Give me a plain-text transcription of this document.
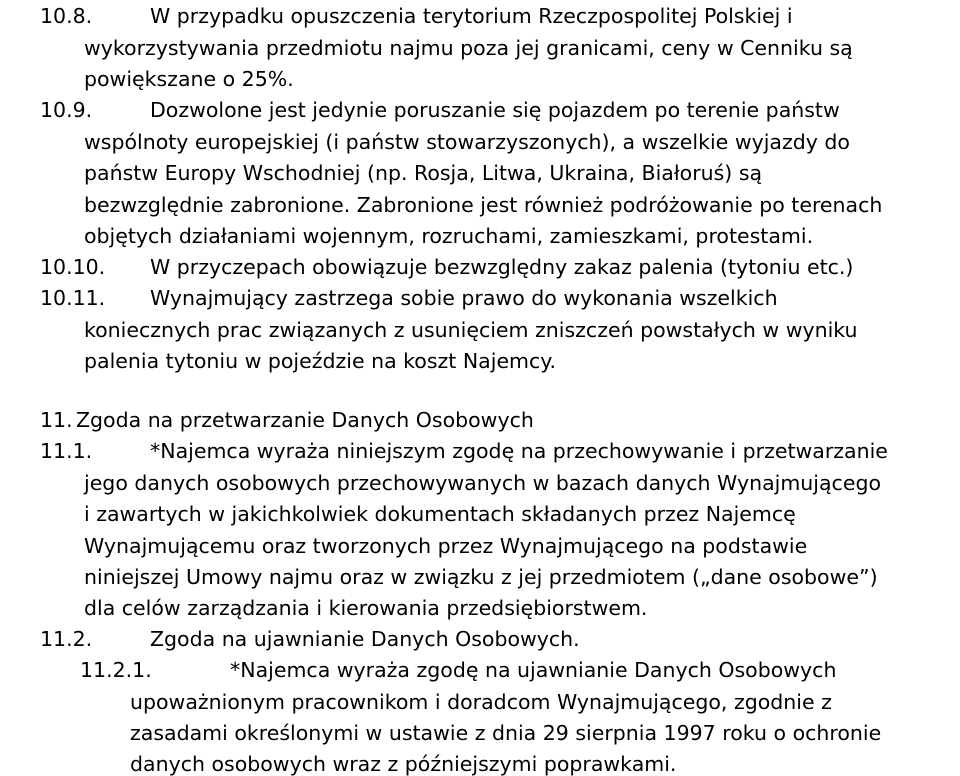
10.8.	W przypadku opuszczenia terytorium Rzeczpospolitej Polskiej i
wykorzystywania przedmiotu najmu poza jej granicami, ceny w Cenniku są
powiększane o 25%.
10.9.	Dozwolone jest jedynie poruszanie się pojazdem po terenie państw
wspólnoty europejskiej (i państw stowarzyszonych), a wszelkie wyjazdy do
państw Europy Wschodniej (np. Rosja, Litwa, Ukraina, Białoruś) są
bezwzględnie zabronione. Zabronione jest również podróżowanie po terenach
objętych działaniami wojennym, rozruchami, zamieszkami, protestami.
10.10. W przyczepach obowiązuje bezwzględny zakaz palenia (tytoniu etc.)
10.11. Wynajmujący zastrzega sobie prawo do wykonania wszelkich
koniecznych prac związanych z usunięciem zniszczeń powstałych w wyniku
palenia tytoniu w pojeździe na koszt Najemcy.
11. Zgoda na przetwarzanie Danych Osobowych
11.1.	*Najemca wyraża niniejszym zgodę na przechowywanie i przetwarzanie
jego danych osobowych przechowywanych w bazach danych Wynajmującego
i zawartych w jakichkolwiek dokumentach składanych przez Najemcę
Wynajmującemu oraz tworzonych przez Wynajmującego na podstawie
niniejszej Umowy najmu oraz w związku z jej przedmiotem („dane osobowe”)
dla celów zarządzania i kierowania przedsiębiorstwem.
11.2.	Zgoda na ujawnianie Danych Osobowych.
11.2.1.	*Najemca wyraża zgodę na ujawnianie Danych Osobowych
upoważnionym pracownikom i doradcom Wynajmującego, zgodnie z
zasadami określonymi w ustawie z dnia 29 sierpnia 1997 roku o ochronie
danych osobowych wraz z późniejszymi poprawkami.
